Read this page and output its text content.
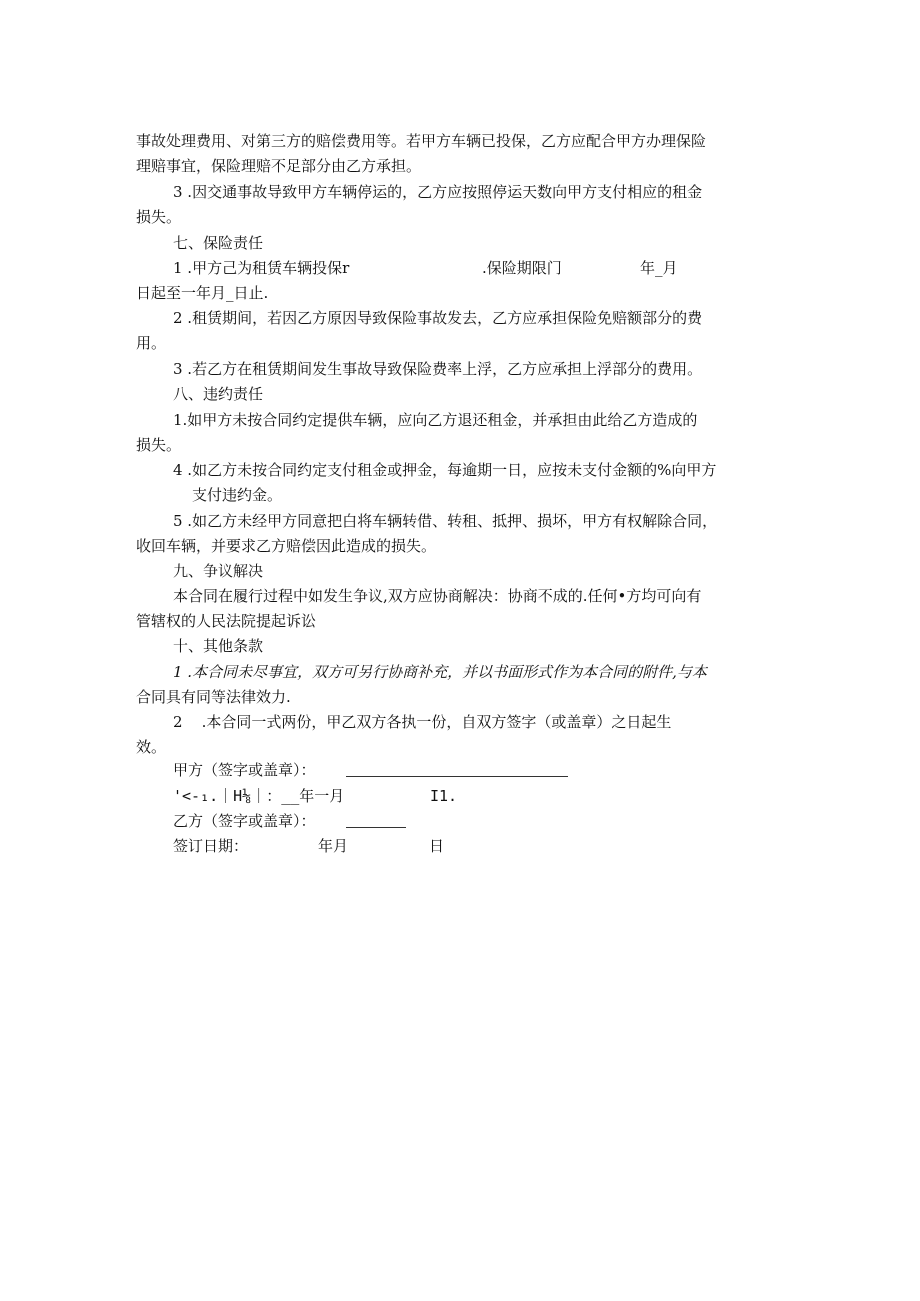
事故处理费用、对第三方的赔偿费用等。若甲方车辆已投保，乙方应配合甲方办理保险
理赔事宜，保险理赔不足部分由乙方承担。
3 .因交通事故导致甲方车辆停运的，乙方应按照停运天数向甲方支付相应的租金
损失。
七、保险责任
1 .甲方己为租赁车辆投保r	.保险期限门	年_月
日起至一年月_日止.
2 .租赁期间，若因乙方原因导致保险事故发去，乙方应承担保险免赔额部分的费
用。
3 .若乙方在租赁期间发生事故导致保险费率上浮，乙方应承担上浮部分的费用。
八、违约责任
1.如甲方未按合同约定提供车辆，应向乙方退还租金，并承担由此给乙方造成的
损失。
4 .如乙方未按合同约定支付租金或押金，每逾期一日，应按未支付金额的%向甲方
支付违约金。
5 .如乙方未经甲方同意把白将车辆转借、转租、抵押、损坏，甲方有权解除合同，
收回车辆，并要求乙方赔偿因此造成的损失。
九、争议解决
本合同在履行过程中如发生争议,双方应协商解决：协商不成的.任何•方均可向有
管辖权的人民法院提起诉讼
十、其他条款
1 .本合同未尽事宜，双方可另行协商补充，并以书面形式作为本合同的附件,与本
合同具有同等法律效力.
2    .本合同一式两份，甲乙双方各执一份，自双方签字（或盖章）之日起生
效。
甲方（签字或盖章）：
'<-₁.｜H⅛｜：__年一月	I1.
乙方（签字或盖章）：
签订日期：	年月	日
